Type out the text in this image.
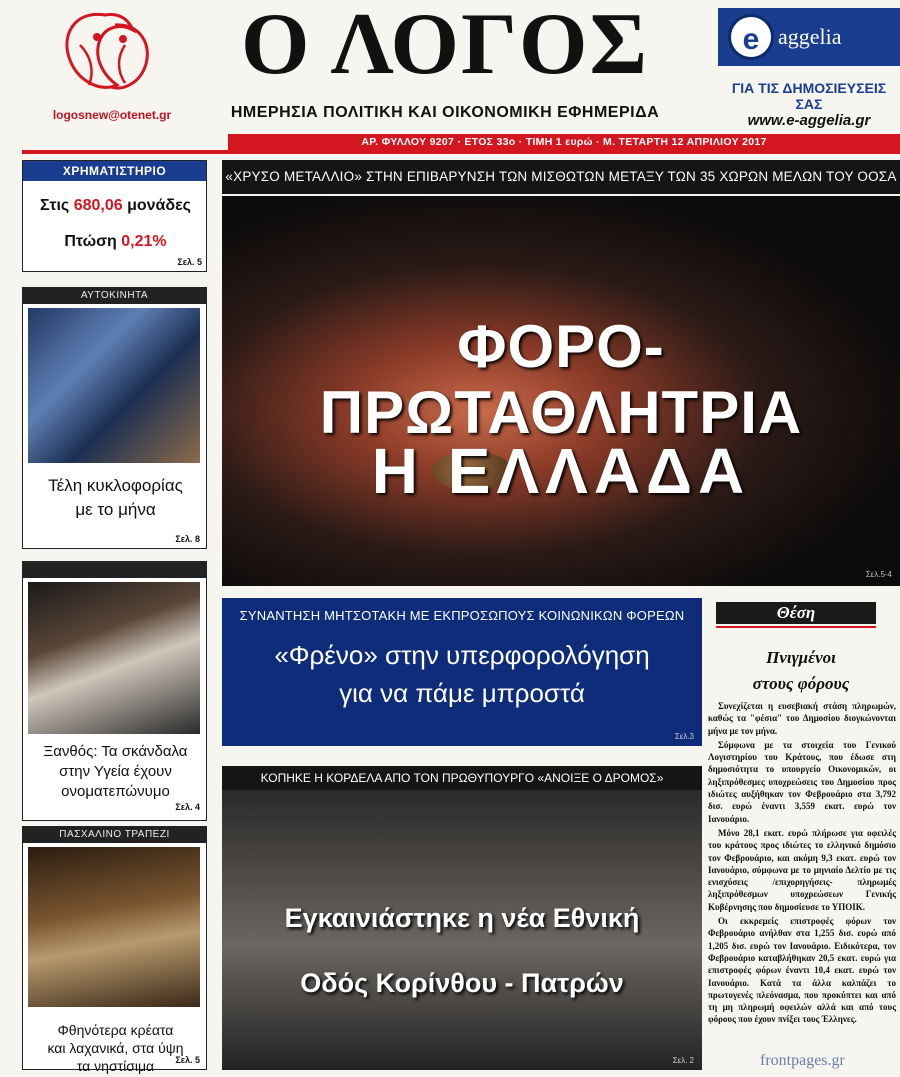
logosnew@otenet.gr
Ο ΛΟΓΟΣ
ΗΜΕΡΗΣΙΑ ΠΟΛΙΤΙΚΗ ΚΑΙ ΟΙΚΟΝΟΜΙΚΗ ΕΦΗΜΕΡΙΔΑ
e aggelia
ΓΙΑ ΤΙΣ ΔΗΜΟΣΙΕΥΣΕΙΣ ΣΑΣ
www.e-aggelia.gr
ΑΡ. ΦΥΛΛΟΥ 9207 · ΕΤΟΣ 33ο · ΤΙΜΗ 1 ευρώ · Μ. ΤΕΤΑΡΤΗ 12 ΑΠΡΙΛΙΟΥ 2017
ΧΡΗΜΑΤΙΣΤΗΡΙΟ
Στις 680,06 μονάδες
Πτώση 0,21%
Σελ. 5
ΑΥΤΟΚΙΝΗΤΑ
Τέλη κυκλοφορίας
με το μήνα
Σελ. 8
Ξανθός: Τα σκάνδαλα
στην Υγεία έχουν
ονοματεπώνυμο
Σελ. 4
ΠΑΣΧΑΛΙΝΟ ΤΡΑΠΕΖΙ
Φθηνότερα κρέατα
και λαχανικά, στα ύψη
τα νηστίσιμα	Σελ. 5
«ΧΡΥΣΟ ΜΕΤΑΛΛΙΟ» ΣΤΗΝ ΕΠΙΒΑΡΥΝΣΗ ΤΩΝ ΜΙΣΘΩΤΩΝ ΜΕΤΑΞΥ ΤΩΝ 35 ΧΩΡΩΝ ΜΕΛΩΝ ΤΟΥ ΟΟΣΑ
ΦΟΡΟ-ΠΡΩΤΑΘΛΗΤΡΙΑ
Η ΕΛΛΑΔΑ
Σελ.5-4
ΣΥΝΑΝΤΗΣΗ ΜΗΤΣΟΤΑΚΗ ΜΕ ΕΚΠΡΟΣΩΠΟΥΣ ΚΟΙΝΩΝΙΚΩΝ ΦΟΡΕΩΝ
«Φρένο» στην υπερφορολόγηση
για να πάμε μπροστά
Σελ.3
ΚΟΠΗΚΕ Η ΚΟΡΔΕΛΑ ΑΠΟ ΤΟΝ ΠΡΩΘΥΠΟΥΡΓΟ «ΑΝΟΙΞΕ Ο ΔΡΟΜΟΣ»
Εγκαινιάστηκε η νέα Εθνική
Οδός Κορίνθου - Πατρών
Σελ. 2
Θέση
Πνιγμένοι
στους φόρους

Συνεχίζεται η ευσεβιακή στάση πληρωμών, καθώς τα "φέσια" του Δημοσίου διογκώνονται μήνα με τον μήνα.

Σύμφωνα με τα στοιχεία του Γενικού Λογιστηρίου του Κράτους, που έδωσε στη δημοσιότητα το υπουργείο Οικονομικών, οι ληξιπρόθεσμες υποχρεώσεις του Δημοσίου προς ιδιώτες αυξήθηκαν τον Φεβρουάριο στα 3,792 δισ. ευρώ έναντι 3,559 εκατ. ευρώ τον Ιανουάριο.

Μόνο 28,1 εκατ. ευρώ πλήρωσε για οφειλές του κράτους προς ιδιώτες το ελληνικό δημόσιο τον Φεβρουάριο, και ακόμη 9,3 εκατ. ευρώ τον Ιανουάριο, σύμφωνα με το μηνιαίο Δελτίο με τις ενισχύσεις /επιχορηγήσεις- πληρωμές ληξιπρόθεσμων υποχρεώσεων Γενικής Κυβέρνησης που δημοσίευσε το ΥΠΟΙΚ.

Οι εκκρεμείς επιστροφές φόρων τον Φεβρουάριο ανήλθαν στα 1,255 δισ. ευρώ από 1,205 δισ. ευρώ τον Ιανουάριο. Ειδικότερα, τον Φεβρουάριο καταβλήθηκαν 20,5 εκατ. ευρώ για επιστροφές φόρων έναντι 10,4 εκατ. ευρώ τον Ιανουάριο. Κατά τα άλλα καλπάζει το πρωτογενές πλεόνασμα, που προκύπτει και από τη μη πληρωμή οφειλών αλλά και από τους φόρους που έχουν πνίξει τους Έλληνες.

frontpages.gr
